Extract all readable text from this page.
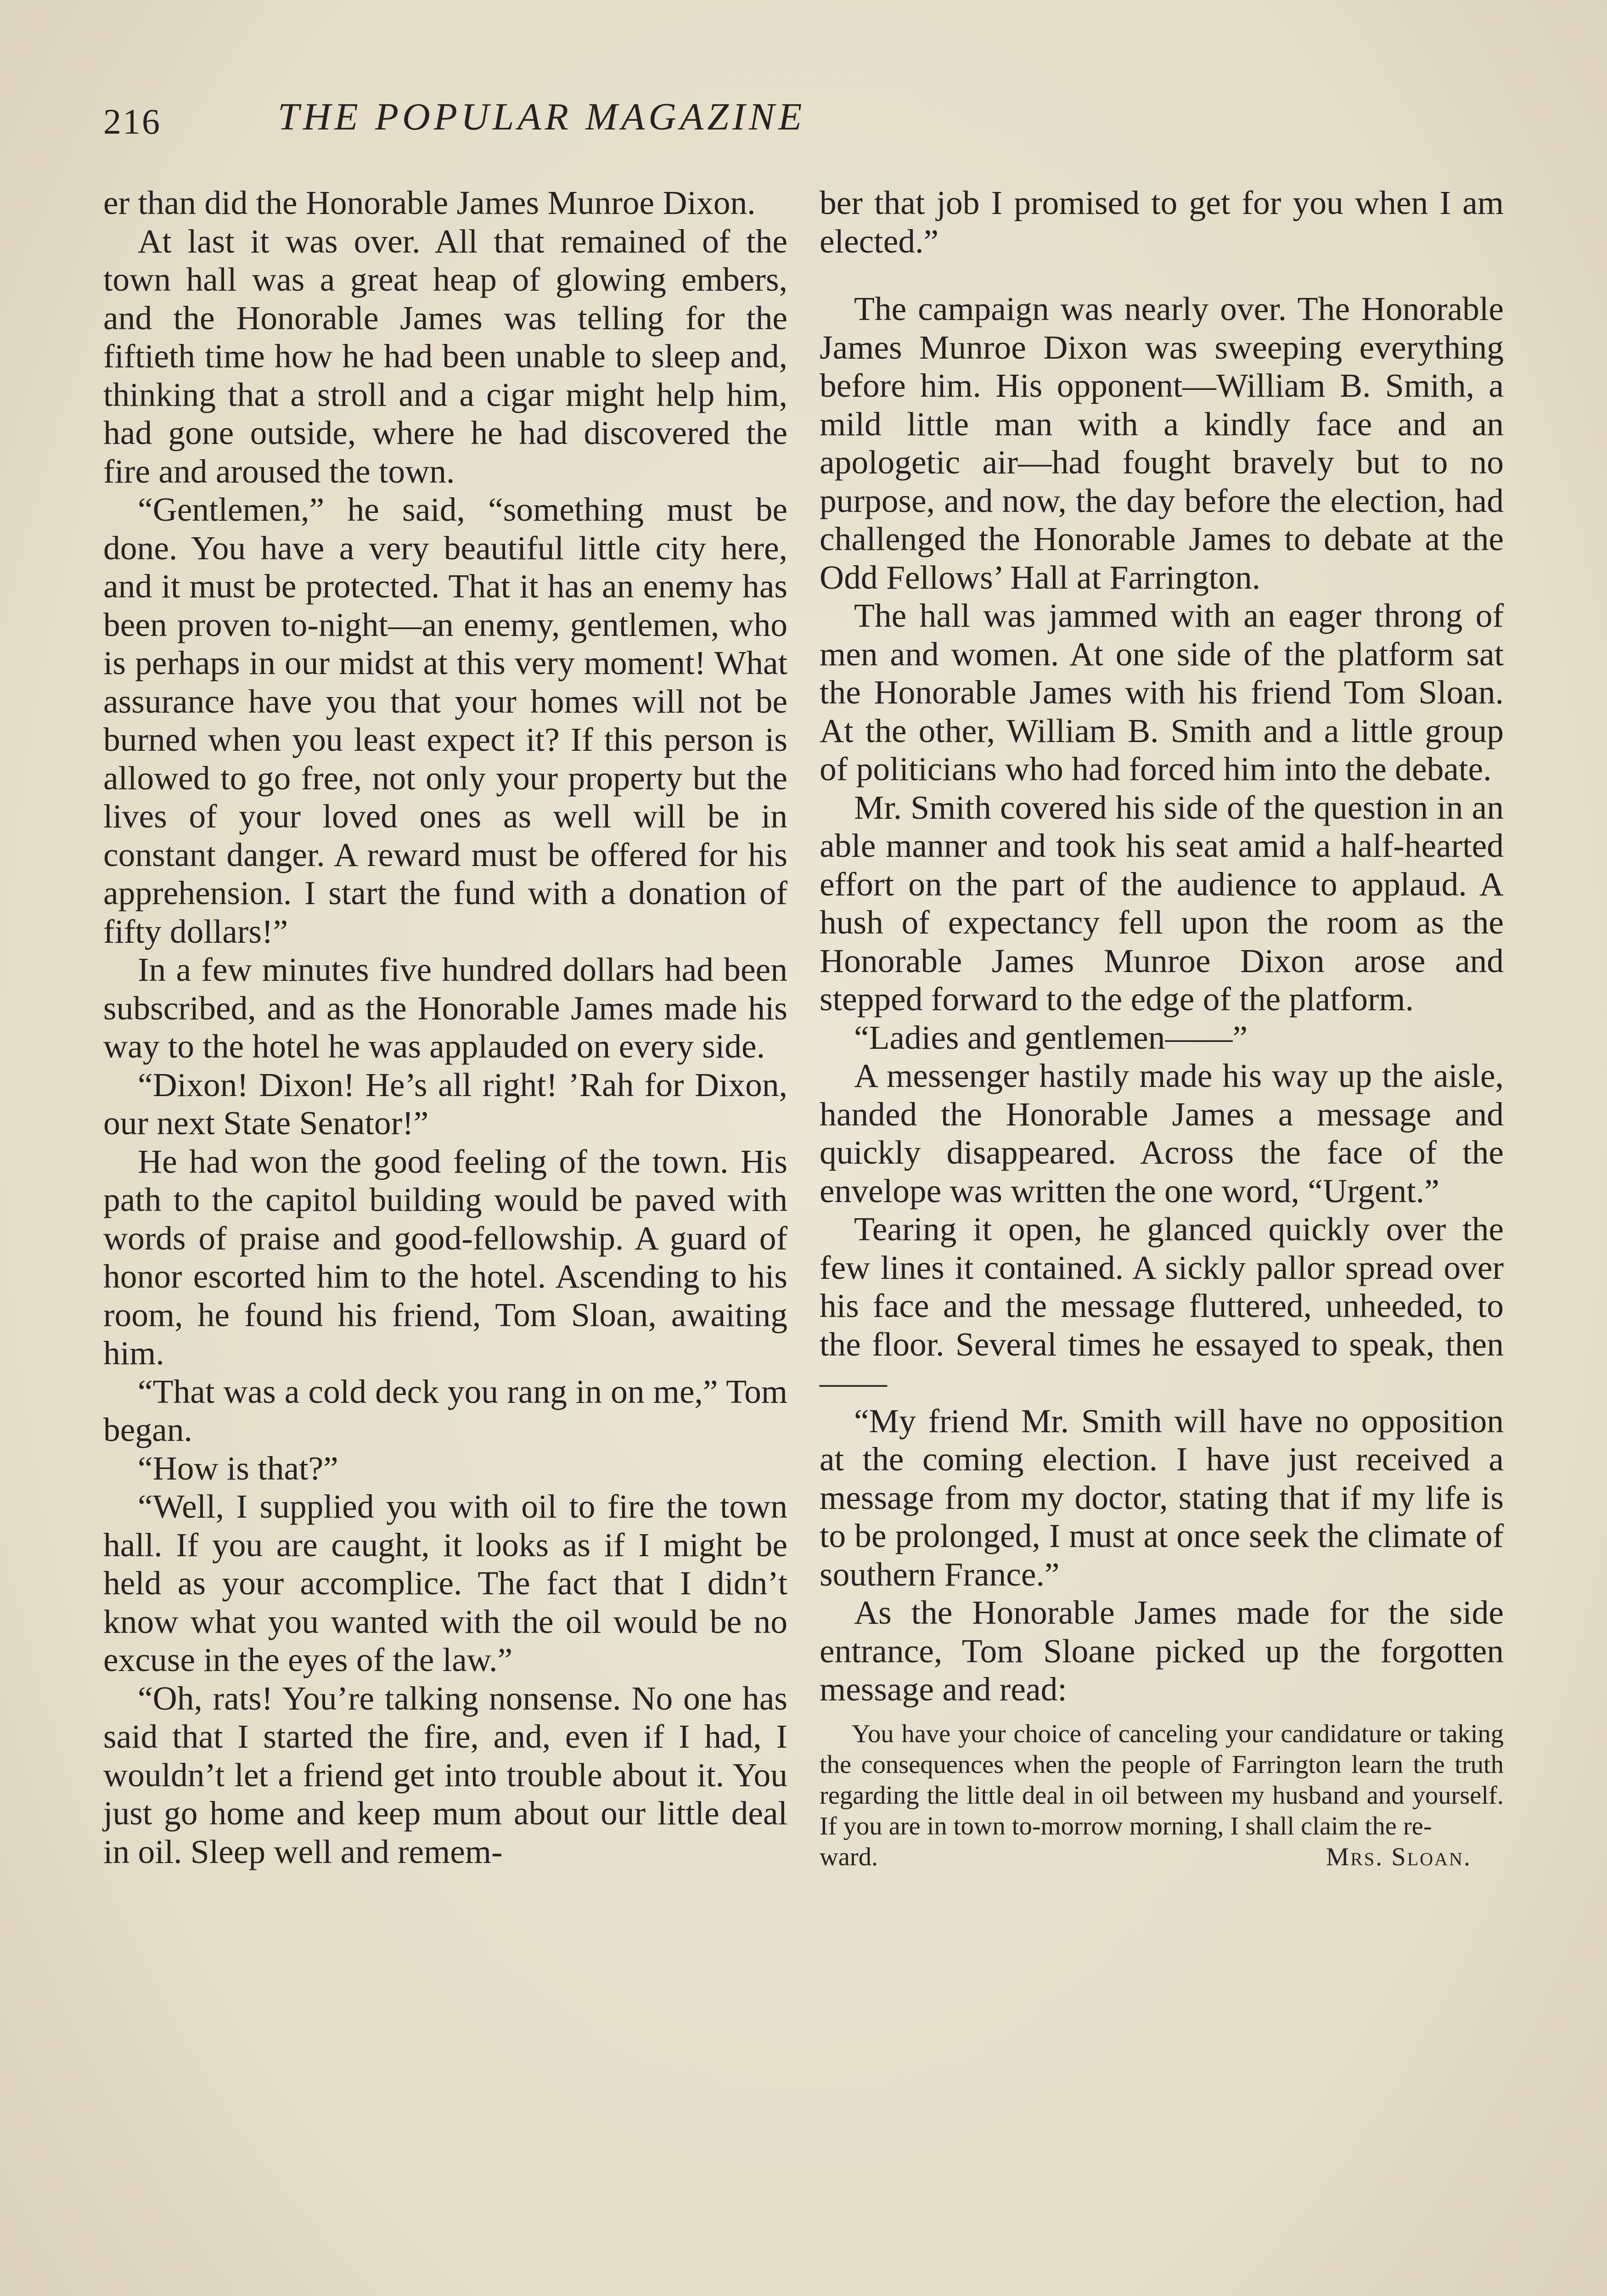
216	THE POPULAR MAGAZINE

er than did the Honorable James Munroe Dixon.

At last it was over. All that remained of the town hall was a great heap of glowing embers, and the Honorable James was telling for the fiftieth time how he had been unable to sleep and, thinking that a stroll and a cigar might help him, had gone outside, where he had discovered the fire and aroused the town.

“Gentlemen,” he said, “something must be done. You have a very beautiful little city here, and it must be protected. That it has an enemy has been proven to-night—an enemy, gentlemen, who is perhaps in our midst at this very moment! What assurance have you that your homes will not be burned when you least expect it? If this person is allowed to go free, not only your property but the lives of your loved ones as well will be in constant danger. A reward must be offered for his apprehension. I start the fund with a donation of fifty dollars!”

In a few minutes five hundred dollars had been subscribed, and as the Honorable James made his way to the hotel he was applauded on every side.

“Dixon! Dixon! He’s all right! ’Rah for Dixon, our next State Senator!”

He had won the good feeling of the town. His path to the capitol building would be paved with words of praise and good-fellowship. A guard of honor escorted him to the hotel. Ascending to his room, he found his friend, Tom Sloan, awaiting him.

“That was a cold deck you rang in on me,” Tom began.

“How is that?”

“Well, I supplied you with oil to fire the town hall. If you are caught, it looks as if I might be held as your accomplice. The fact that I didn’t know what you wanted with the oil would be no excuse in the eyes of the law.”

“Oh, rats! You’re talking nonsense. No one has said that I started the fire, and, even if I had, I wouldn’t let a friend get into trouble about it. You just go home and keep mum about our little deal in oil. Sleep well and remem-

ber that job I promised to get for you when I am elected.”

The campaign was nearly over. The Honorable James Munroe Dixon was sweeping everything before him. His opponent—William B. Smith, a mild little man with a kindly face and an apologetic air—had fought bravely but to no purpose, and now, the day before the election, had challenged the Honorable James to debate at the Odd Fellows’ Hall at Farrington.

The hall was jammed with an eager throng of men and women. At one side of the platform sat the Honorable James with his friend Tom Sloan. At the other, William B. Smith and a little group of politicians who had forced him into the debate.

Mr. Smith covered his side of the question in an able manner and took his seat amid a half-hearted effort on the part of the audience to applaud. A hush of expectancy fell upon the room as the Honorable James Munroe Dixon arose and stepped forward to the edge of the platform.

“Ladies and gentlemen——”

A messenger hastily made his way up the aisle, handed the Honorable James a message and quickly disappeared. Across the face of the envelope was written the one word, “Urgent.”

Tearing it open, he glanced quickly over the few lines it contained. A sickly pallor spread over his face and the message fluttered, unheeded, to the floor. Several times he essayed to speak, then——

“My friend Mr. Smith will have no opposition at the coming election. I have just received a message from my doctor, stating that if my life is to be prolonged, I must at once seek the climate of southern France.”

As the Honorable James made for the side entrance, Tom Sloane picked up the forgotten message and read:

You have your choice of canceling your candidature or taking the consequences when the people of Farrington learn the truth regarding the little deal in oil between my husband and yourself. If you are in town to-morrow morning, I shall claim the re-

ward.	Mrs. Sloan.
